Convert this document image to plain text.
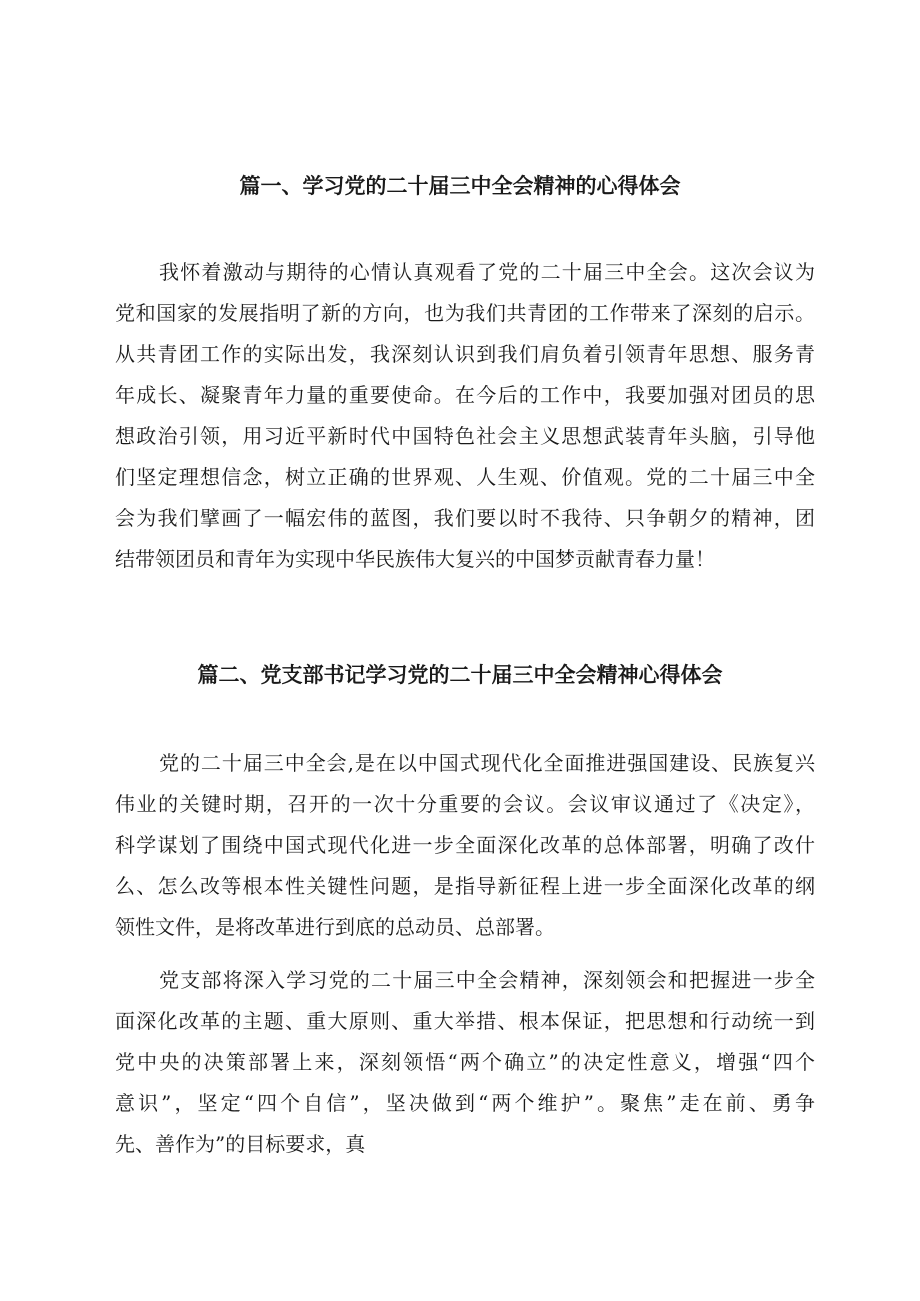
篇一、学习党的二十届三中全会精神的心得体会
我怀着激动与期待的心情认真观看了党的二十届三中全会。这次会议为
党和国家的发展指明了新的方向，也为我们共青团的工作带来了深刻的启示。
从共青团工作的实际出发，我深刻认识到我们肩负着引领青年思想、服务青
年成长、凝聚青年力量的重要使命。在今后的工作中，我要加强对团员的思
想政治引领，用习近平新时代中国特色社会主义思想武装青年头脑，引导他
们坚定理想信念，树立正确的世界观、人生观、价值观。党的二十届三中全
会为我们擘画了一幅宏伟的蓝图，我们要以时不我待、只争朝夕的精神，团
结带领团员和青年为实现中华民族伟大复兴的中国梦贡献青春力量！
篇二、党支部书记学习党的二十届三中全会精神心得体会
党的二十届三中全会,是在以中国式现代化全面推进强国建设、民族复兴
伟业的关键时期，召开的一次十分重要的会议。会议审议通过了《决定》，
科学谋划了围绕中国式现代化进一步全面深化改革的总体部署，明确了改什
么、怎么改等根本性关键性问题，是指导新征程上进一步全面深化改革的纲
领性文件，是将改革进行到底的总动员、总部署。
党支部将深入学习党的二十届三中全会精神，深刻领会和把握进一步全
面深化改革的主题、重大原则、重大举措、根本保证，把思想和行动统一到
党中央的决策部署上来，深刻领悟“两个确立”的决定性意义，增强“四个
意识”，坚定“四个自信”，坚决做到“两个维护”。聚焦”走在前、勇争
先、善作为”的目标要求，真
